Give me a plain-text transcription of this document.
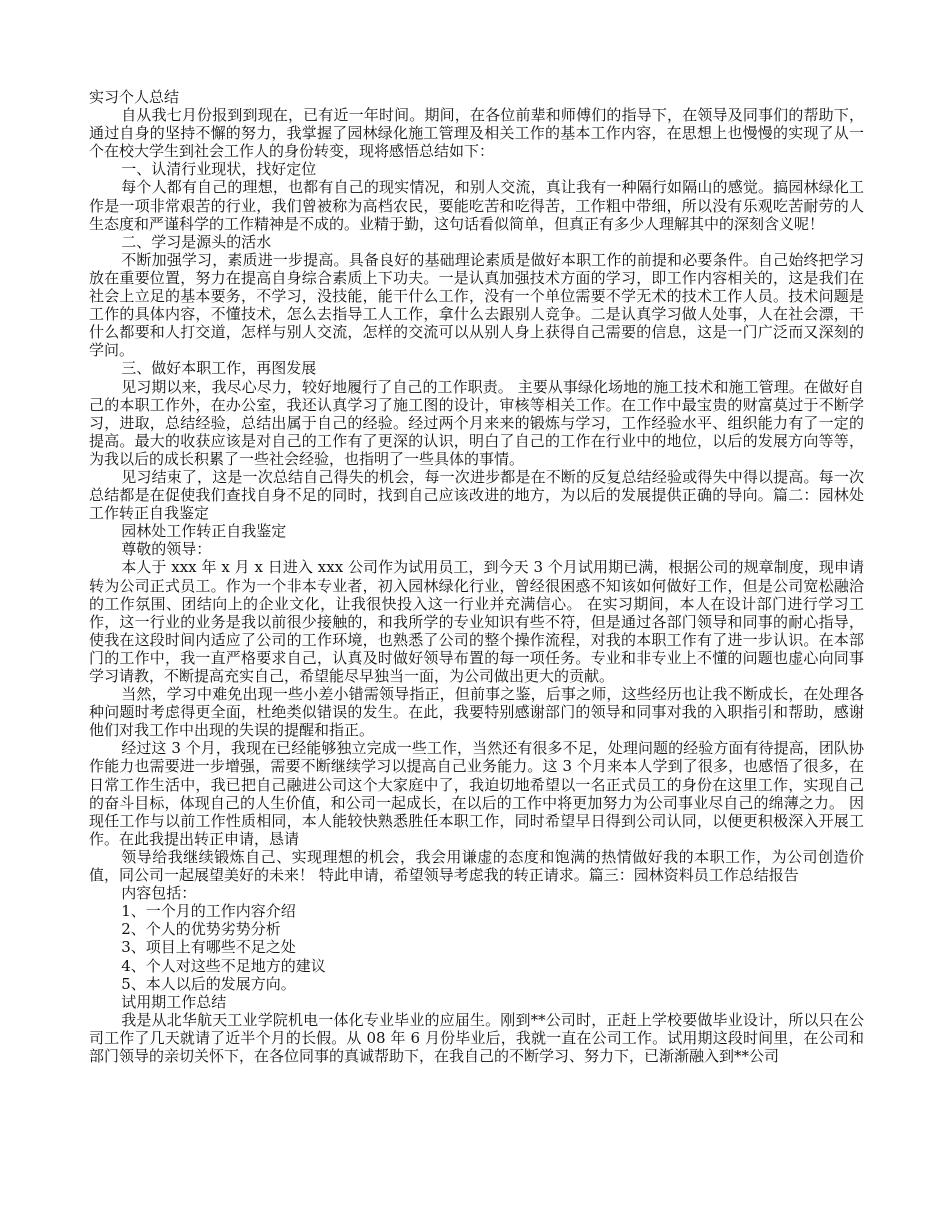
实习个人总结

自从我七月份报到到现在，已有近一年时间。期间，在各位前辈和师傅们的指导下，在领导及同事们的帮助下，通过自身的坚持不懈的努力，我掌握了园林绿化施工管理及相关工作的基本工作内容，在思想上也慢慢的实现了从一个在校大学生到社会工作人的身份转变，现将感悟总结如下：

一、认清行业现状，找好定位

每个人都有自己的理想，也都有自己的现实情况，和别人交流，真让我有一种隔行如隔山的感觉。搞园林绿化工作是一项非常艰苦的行业，我们曾被称为高档农民，要能吃苦和吃得苦，工作粗中带细，所以没有乐观吃苦耐劳的人生态度和严谨科学的工作精神是不成的。业精于勤，这句话看似简单，但真正有多少人理解其中的深刻含义呢！

二、学习是源头的活水

不断加强学习，素质进一步提高。具备良好的基础理论素质是做好本职工作的前提和必要条件。自己始终把学习放在重要位置，努力在提高自身综合素质上下功夫。一是认真加强技术方面的学习，即工作内容相关的，这是我们在社会上立足的基本要务，不学习，没技能，能干什么工作，没有一个单位需要不学无术的技术工作人员。技术问题是工作的具体内容，不懂技术，怎么去指导工人工作，拿什么去跟别人竞争。二是认真学习做人处事，人在社会漂，干什么都要和人打交道，怎样与别人交流，怎样的交流可以从别人身上获得自己需要的信息，这是一门广泛而又深刻的学问。

三、做好本职工作，再图发展

见习期以来，我尽心尽力，较好地履行了自己的工作职责。 主要从事绿化场地的施工技术和施工管理。在做好自己的本职工作外，在办公室，我还认真学习了施工图的设计，审核等相关工作。在工作中最宝贵的财富莫过于不断学习，进取，总结经验，总结出属于自己的经验。经过两个月来来的锻炼与学习，工作经验水平、组织能力有了一定的提高。最大的收获应该是对自己的工作有了更深的认识，明白了自己的工作在行业中的地位，以后的发展方向等等，为我以后的成长积累了一些社会经验，也指明了一些具体的事情。

见习结束了，这是一次总结自己得失的机会，每一次进步都是在不断的反复总结经验或得失中得以提高。每一次总结都是在促使我们查找自身不足的同时，找到自己应该改进的地方，为以后的发展提供正确的导向。篇二：园林处工作转正自我鉴定

园林处工作转正自我鉴定

尊敬的领导：

本人于 xxx 年 x 月 x 日进入 xxx 公司作为试用员工，到今天 3 个月试用期已满，根据公司的规章制度，现申请转为公司正式员工。作为一个非本专业者，初入园林绿化行业，曾经很困惑不知该如何做好工作，但是公司宽松融洽的工作氛围、团结向上的企业文化，让我很快投入这一行业并充满信心。 在实习期间，本人在设计部门进行学习工作，这一行业的业务是我以前很少接触的，和我所学的专业知识有些不符，但是通过各部门领导和同事的耐心指导，使我在这段时间内适应了公司的工作环境，也熟悉了公司的整个操作流程，对我的本职工作有了进一步认识。在本部门的工作中，我一直严格要求自己，认真及时做好领导布置的每一项任务。专业和非专业上不懂的问题也虚心向同事学习请教，不断提高充实自己，希望能尽早独当一面，为公司做出更大的贡献。

当然，学习中难免出现一些小差小错需领导指正，但前事之鉴，后事之师，这些经历也让我不断成长，在处理各种问题时考虑得更全面，杜绝类似错误的发生。在此，我要特别感谢部门的领导和同事对我的入职指引和帮助，感谢他们对我工作中出现的失误的提醒和指正。

经过这 3 个月，我现在已经能够独立完成一些工作，当然还有很多不足，处理问题的经验方面有待提高，团队协作能力也需要进一步增强，需要不断继续学习以提高自己业务能力。这 3 个月来本人学到了很多，也感悟了很多，在日常工作生活中，我已把自己融进公司这个大家庭中了，我迫切地希望以一名正式员工的身份在这里工作，实现自己的奋斗目标，体现自己的人生价值，和公司一起成长，在以后的工作中将更加努力为公司事业尽自己的绵薄之力。 因现任工作与以前工作性质相同，本人能较快熟悉胜任本职工作，同时希望早日得到公司认同，以便更积极深入开展工作。在此我提出转正申请，恳请

领导给我继续锻炼自己、实现理想的机会，我会用谦虚的态度和饱满的热情做好我的本职工作，为公司创造价值，同公司一起展望美好的未来！ 特此申请，希望领导考虑我的转正请求。篇三：园林资料员工作总结报告

内容包括：

1、一个月的工作内容介绍

2、个人的优势劣势分析

3、项目上有哪些不足之处

4、个人对这些不足地方的建议

5、本人以后的发展方向。

试用期工作总结

我是从北华航天工业学院机电一体化专业毕业的应届生。刚到**公司时，正赶上学校要做毕业设计，所以只在公司工作了几天就请了近半个月的长假。从 08 年 6 月份毕业后，我就一直在公司工作。试用期这段时间里，在公司和部门领导的亲切关怀下，在各位同事的真诚帮助下，在我自己的不断学习、努力下，已渐渐融入到**公司
